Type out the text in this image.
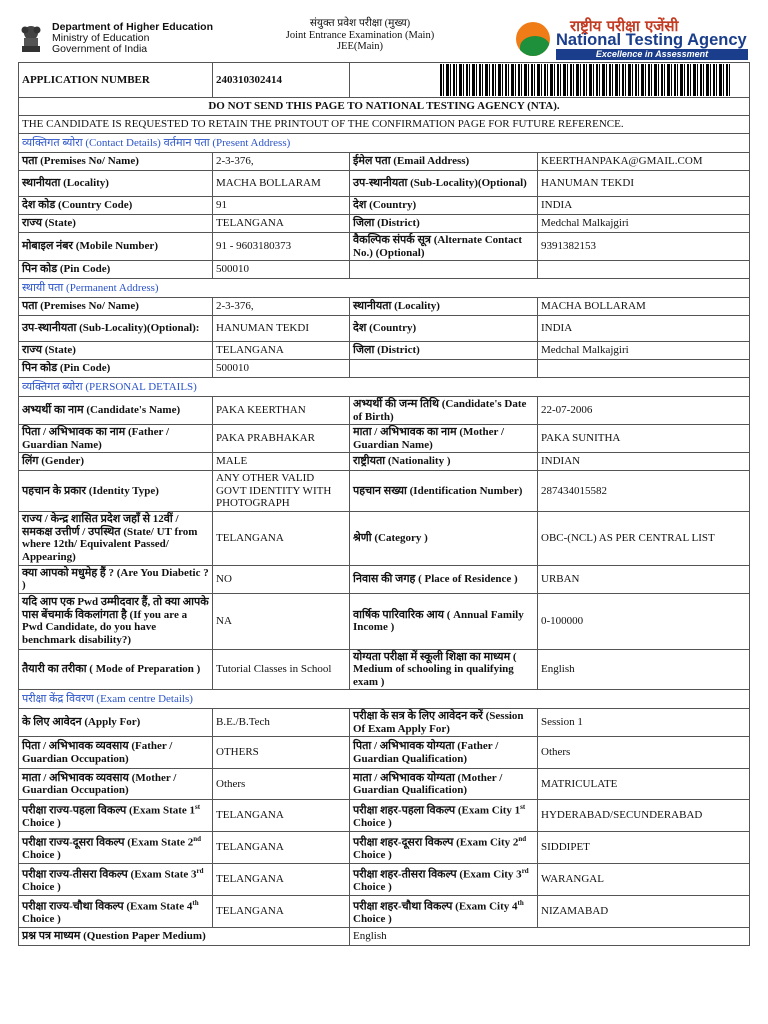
Department of Higher Education
Ministry of Education
Government of India
संयुक्त प्रवेश परीक्षा (मुख्य)
Joint Entrance Examination (Main)
JEE(Main)
राष्ट्रीय परीक्षा एजेंसी
National Testing Agency
Excellence in Assessment
APPLICATION NUMBER	240310302414		

DO NOT SEND THIS PAGE TO NATIONAL TESTING AGENCY (NTA).			
THE CANDIDATE IS REQUESTED TO RETAIN THE PRINTOUT OF THE CONFIRMATION PAGE FOR FUTURE REFERENCE.			
व्यक्तिगत ब्योरा (Contact Details) वर्तमान पता (Present Address)			
पता (Premises No/ Name)	2-3-376,	ईमेल पता (Email Address)	KEERTHANPAKA@GMAIL.COM
स्थानीयता (Locality)	MACHA BOLLARAM	उप-स्थानीयता (Sub-Locality)(Optional)	HANUMAN TEKDI
देश कोड (Country Code)	91	देश (Country)	INDIA
राज्य (State)	TELANGANA	जिला (District)	Medchal Malkajgiri
मोबाइल नंबर (Mobile Number)	91 - 9603180373	वैकल्पिक संपर्क सूत्र (Alternate Contact No.) (Optional)	9391382153
पिन कोड (Pin Code)	500010		
स्थायी पता (Permanent Address)			
पता (Premises No/ Name)	2-3-376,	स्थानीयता (Locality)	MACHA BOLLARAM
उप-स्थानीयता (Sub-Locality)(Optional):	HANUMAN TEKDI	देश (Country)	INDIA
राज्य (State)	TELANGANA	जिला (District)	Medchal Malkajgiri
पिन कोड (Pin Code)	500010		
व्यक्तिगत ब्योरा (PERSONAL DETAILS)			
अभ्यर्थी का नाम (Candidate's Name)	PAKA KEERTHAN	अभ्यर्थी की जन्म तिथि (Candidate's Date of Birth)	22-07-2006
पिता / अभिभावक का नाम (Father / Guardian Name)	PAKA PRABHAKAR	माता / अभिभावक का नाम (Mother / Guardian Name)	PAKA SUNITHA
लिंग (Gender)	MALE	राष्ट्रीयता (Nationality )	INDIAN
पहचान के प्रकार (Identity Type)	ANY OTHER VALID GOVT IDENTITY WITH PHOTOGRAPH	पहचान सख्या (Identification Number)	287434015582
राज्य / केन्द्र शासित प्रदेश जहाँ से 12वीं / समकक्ष उत्तीर्ण / उपस्थित (State/ UT from where 12th/ Equivalent Passed/ Appearing)	TELANGANA	श्रेणी (Category )	OBC-(NCL) AS PER CENTRAL LIST
क्या आपको मधुमेह हैं ? (Are You Diabetic ? )	NO	निवास की जगह ( Place of Residence )	URBAN
यदि आप एक Pwd उम्मीदवार हैं, तो क्या आपके पास बेंचमार्क विकलांगता है (If you are a Pwd Candidate, do you have benchmark disability?)	NA	वार्षिक पारिवारिक आय ( Annual Family Income )	0-100000
तैयारी का तरीका ( Mode of Preparation )	Tutorial Classes in School	योग्यता परीक्षा में स्कूली शिक्षा का माध्यम ( Medium of schooling in qualifying exam )	English
परीक्षा केंद्र विवरण (Exam centre Details)			
के लिए आवेदन (Apply For)	B.E./B.Tech	परीक्षा के सत्र के लिए आवेदन करें (Session Of Exam Apply For)	Session 1
पिता / अभिभावक व्यवसाय (Father / Guardian Occupation)	OTHERS	पिता / अभिभावक योग्यता (Father / Guardian Qualification)	Others
माता / अभिभावक व्यवसाय (Mother / Guardian Occupation)	Others	माता / अभिभावक योग्यता (Mother / Guardian Qualification)	MATRICULATE
परीक्षा राज्य-पहला विकल्प (Exam State 1st Choice )	TELANGANA	परीक्षा शहर-पहला विकल्प (Exam City 1st Choice )	HYDERABAD/SECUNDERABAD
परीक्षा राज्य-दूसरा विकल्प (Exam State 2nd Choice )	TELANGANA	परीक्षा शहर-दूसरा विकल्प (Exam City 2nd Choice )	SIDDIPET
परीक्षा राज्य-तीसरा विकल्प (Exam State 3rd Choice )	TELANGANA	परीक्षा शहर-तीसरा विकल्प (Exam City 3rd Choice )	WARANGAL
परीक्षा राज्य-चौथा विकल्प (Exam State 4th Choice )	TELANGANA	परीक्षा शहर-चौथा विकल्प (Exam City 4th Choice )	NIZAMABAD
प्रश्न पत्र माध्यम (Question Paper Medium)		English	
